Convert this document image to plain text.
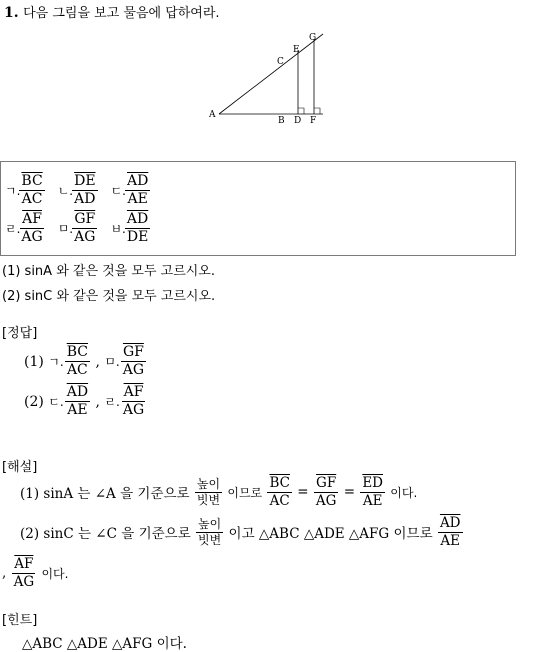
1. 다음 그림을 보고 물음에 답하여라.
A
B D F
C
E
G
ㄱ. $\frac{\overline{BC}}{AC}$ ㄴ. $\frac{\overline{DE}}{AD}$ ㄷ. $\frac{\overline{AD}}{AE}$
ㄹ. $\frac{\overline{AF}}{AG}$ ㅁ. $\frac{\overline{GF}}{AG}$ ㅂ. $\frac{\overline{AD}}{DE}$
(1) sinA 와 같은 것을 모두 고르시오.
(2) sinC 와 같은 것을 모두 고르시오.
[정답]
(1)
ㄱ. $\frac{\overline{BC}}{AC}$
,
ㅁ. $\frac{\overline{GF}}{AG}$
(2)
ㄷ. $\frac{\overline{AD}}{AE}$
,
ㄹ. $\frac{\overline{AF}}{AG}$
[해설]
(1) sinA 는 ∠A 을 기준으로
$\frac{\text{높이}}{\text{빗변}}$
이므로
$\frac{\overline{BC}}{AC}$
=
$\frac{\overline{GF}}{AG}$
=
$\frac{\overline{ED}}{AE}$
이다.
(2) sinC 는 ∠C 을 기준으로
$\frac{\text{높이}}{\text{빗변}}$
이고 △ABC △ADE △AFG 이므로
$\frac{\overline{AD}}{AE}$
,
$\frac{\overline{AF}}{AG}$
이다.
[힌트]
△ABC △ADE △AFG 이다.
